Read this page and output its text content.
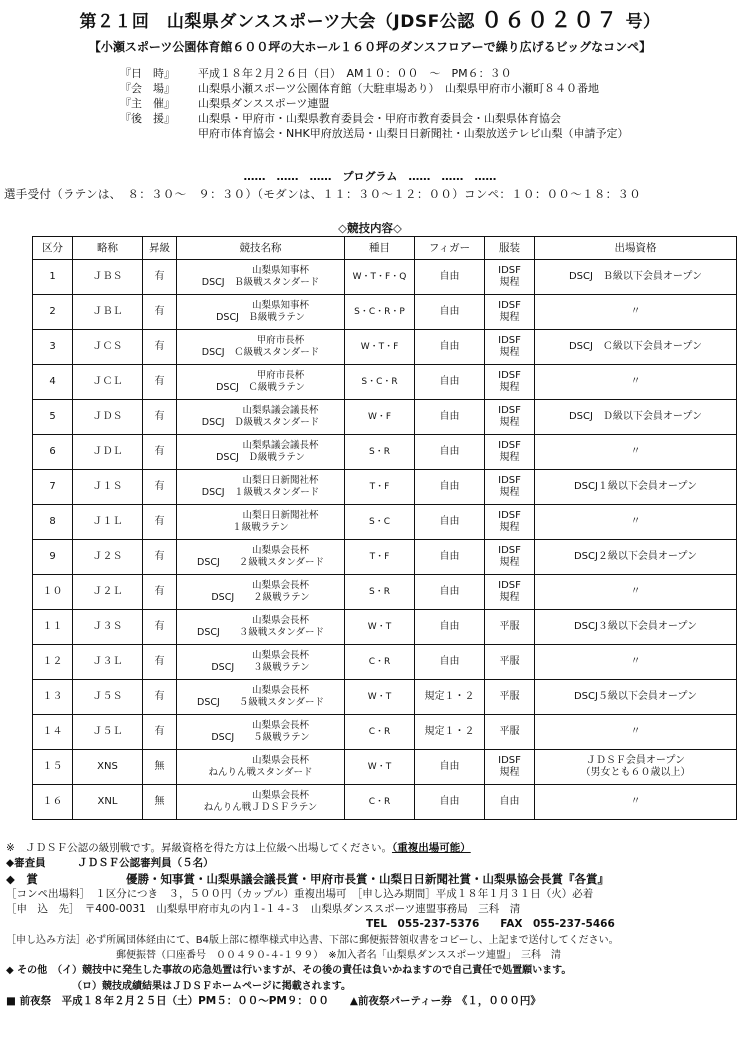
第２１回　山梨県ダンススポーツ大会（JDSF公認 ０６０２０７ 号）
【小瀬スポーツ公園体育館６００坪の大ホール１６０坪のダンスフロアーで繰り広げるビッグなコンペ】
『日　時』	平成１８年２月２６日（日）　AM１０：００　～　PM６：３０
『会　場』	山梨県小瀬スポーツ公園体育館（大駐車場あり）　山梨県甲府市小瀬町８４０番地
『主　催』	山梨県ダンススポーツ連盟
『後　援』	山梨県・甲府市・山梨県教育委員会・甲府市教育委員会・山梨県体育協会
甲府市体育協会・NHK甲府放送局・山梨日日新聞社・山梨放送テレビ山梨（申請予定）
……　……　……　プログラム　……　……　……
選手受付（ラテンは、　８：３０～　９：３０）（モダンは、１１：３０～１２：００）コンペ：１０：００～１８：３０
◇競技内容◇
区分	略称	昇級	競技名称	種目	フィガー	服装	出場資格
1	ＪＢＳ	有	山梨県知事杯
DSCJ　Ｂ級戦スタンダード	W・T・F・Q	自由	IDSF
規程	DSCJ　Ｂ級以下会員オープン
2	ＪＢＬ	有	山梨県知事杯
DSCJ　Ｂ級戦ラテン	S・C・R・P	自由	IDSF
規程	〃
3	ＪＣＳ	有	甲府市長杯
DSCJ　Ｃ級戦スタンダード	W・T・F	自由	IDSF
規程	DSCJ　Ｃ級以下会員オープン
4	ＪＣＬ	有	甲府市長杯
DSCJ　Ｃ級戦ラテン	S・C・R	自由	IDSF
規程	〃
5	ＪＤＳ	有	山梨県議会議長杯
DSCJ　Ｄ級戦スタンダード	W・F	自由	IDSF
規程	DSCJ　Ｄ級以下会員オープン
6	ＪＤＬ	有	山梨県議会議長杯
DSCJ　Ｄ級戦ラテン	S・R	自由	IDSF
規程	〃
7	Ｊ１Ｓ	有	山梨日日新聞社杯
DSCJ　１級戦スタンダード	T・F	自由	IDSF
規程	DSCJ１級以下会員オープン
8	Ｊ１Ｌ	有	山梨日日新聞社杯
１級戦ラテン	S・C	自由	IDSF
規程	〃
9	Ｊ２Ｓ	有	山梨県会長杯
DSCJ　　２級戦スタンダード	T・F	自由	IDSF
規程	DSCJ２級以下会員オープン
１０	Ｊ２Ｌ	有	山梨県会長杯
DSCJ　　２級戦ラテン	S・R	自由	IDSF
規程	〃
１１	Ｊ３Ｓ	有	山梨県会長杯
DSCJ　　３級戦スタンダード	W・T	自由	平服	DSCJ３級以下会員オープン
１２	Ｊ３Ｌ	有	山梨県会長杯
DSCJ　　３級戦ラテン	C・R	自由	平服	〃
１３	Ｊ５Ｓ	有	山梨県会長杯
DSCJ　　５級戦スタンダード	W・T	規定１・２	平服	DSCJ５級以下会員オープン
１４	Ｊ５Ｌ	有	山梨県会長杯
DSCJ　　５級戦ラテン	C・R	規定１・２	平服	〃
１５	XNS	無	山梨県会長杯
ねんりん戦スタンダード	W・T	自由	IDSF
規程	ＪＤＳＦ会員オープン
（男女とも６０歳以上）
１６	XNL	無	山梨県会長杯
ねんりん戦ＪＤＳＦラテン	C・R	自由	自由	〃
※　ＪＤＳＦ公認の級別戦です。昇級資格を得た方は上位級へ出場してください。（重複出場可能）
◆審査員　　　ＪＤＳＦ公認審判員（５名）
◆　賞	優勝・知事賞・山梨県議会議長賞・甲府市長賞・山梨日日新聞社賞・山梨県協会長賞『各賞』
［コンペ出場料］　１区分につき　３，５００円（カップル）重複出場可　［申し込み期間］平成１８年１月３１日（火）必着
［申　込　先］　〒400-0031　山梨県甲府市丸の内１-１４-３　山梨県ダンススポーツ連盟事務局　三科　清
TEL　055-237-5376　　FAX　055-237-5466
［申し込み方法］必ず所属団体経由にて、B4版上部に標準様式申込書、下部に郵便振替領収書をコピーし、上記まで送付してください。
郵便振替（口座番号　００４９０-４-１９９）　※加入者名「山梨県ダンススポーツ連盟」　三科　清
◆ その他　（イ）競技中に発生した事故の応急処置は行いますが、その後の責任は負いかねますので自己責任で処置願います。
（ロ）競技成績結果はＪＤＳＦホームページに掲載されます。
■ 前夜祭　平成１８年２月２５日（土）PM５：００～PM９：００　　▲前夜祭パーティー券　《１，０００円》
